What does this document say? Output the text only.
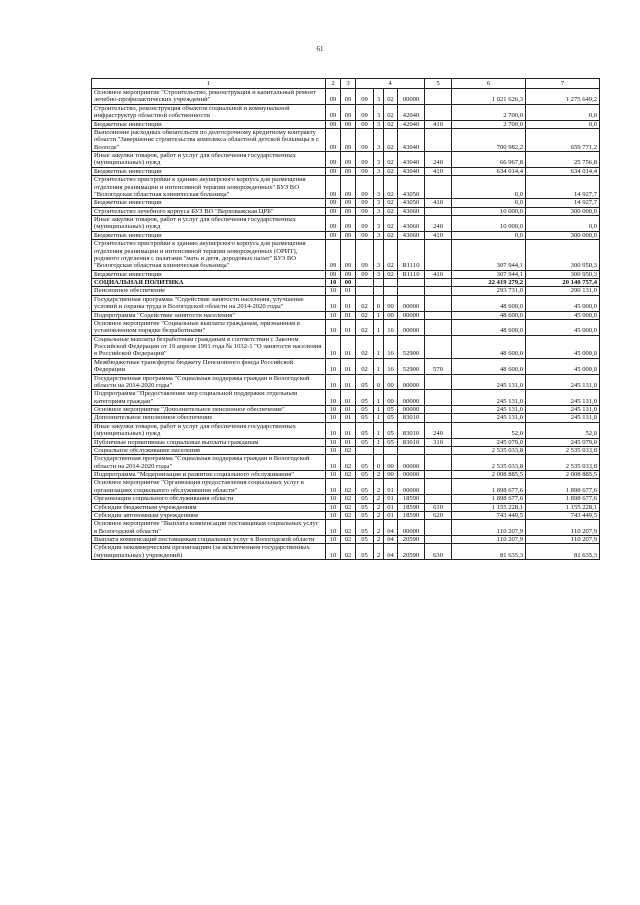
61
1	2	3	4				5	6	7
Основное мероприятие "Строительство, реконструкция и капитальный ремонт лечебно-профилактических учреждений"	09	09	09	3	02	00000		1 021 626,3	1 275 649,2
Строительство, реконструкция объектов социальной и коммунальной инфраструктур областной собственности	09	09	09	3	02	42040		2 700,0	0,0
Бюджетные инвестиции	09	09	09	3	02	42040	410	2 700,0	0,0
Выполнение расходных обязательств по долгосрочному кредитному контракту области "Завершение строительства комплекса областной детской больницы в г. Вологде"	09	09	09	3	02	43040		700 982,2	659 771,2
Иные закупки товаров, работ и услуг для обеспечения государственных (муниципальных) нужд	09	09	09	3	02	43040	240	66 967,8	25 756,8
Бюджетные инвестиции	09	09	09	3	02	43040	410	634 014,4	634 014,4
Строительство пристройки к зданию акушерского корпуса для размещения отделения реанимации и интенсивной терапии новорожденных" БУЗ ВО "Вологодская областная клиническая больница"	09	09	09	3	02	43050		0,0	14 927,7
Бюджетные инвестиции	09	09	09	3	02	43050	410	0,0	14 927,7
Строительство лечебного корпуса БУЗ ВО "Верховажская ЦРБ"	09	09	09	3	02	43060		10 000,0	300 000,0
Иные закупки товаров, работ и услуг для обеспечения государственных (муниципальных) нужд	09	09	09	3	02	43060	240	10 000,0	0,0
Бюджетные инвестиции	09	09	09	3	02	43060	410	0,0	300 000,0
Строительство пристройки к зданию акушерского корпуса для размещения отделения реанимации и интенсивной терапии новорожденных (ОРИТ), родового отделения с палатами "мать и дитя, дородовых палат" БУЗ ВО "Вологодская областная клиническая больница"	09	09	09	3	02	R1110		307 944,1	300 950,3
Бюджетные инвестиции	09	09	09	3	02	R1110	410	307 944,1	300 950,3
СОЦИАЛЬНАЯ ПОЛИТИКА	10	00						22 419 279,2	20 140 757,4
Пенсионное обеспечение	10	01						293 731,0	290 131,0
Государственная программа "Содействие занятости населения, улучшение условий и охраны труда в Вологодской области на 2014-2020 годы"	10	01	02	0	00	00000		48 600,0	45 000,0
Подпрограмма "Содействие занятости населения"	10	01	02	1	00	00000		48 600,0	45 000,0
Основное мероприятие "Социальные выплаты гражданам, признанным в установленном порядке безработными"	10	01	02	1	16	00000		48 600,0	45 000,0
Социальные выплаты безработным гражданам в соответствии с Законом Российской Федерации от 19 апреля 1991 года № 1032-1 "О занятости населения в Российской Федерации"	10	01	02	1	16	52900		48 600,0	45 000,0
Межбюджетные трансферты бюджету Пенсионного фонда Российской Федерации	10	01	02	1	16	52900	570	48 600,0	45 000,0
Государственная программа "Социальная поддержка граждан в Вологодской области на 2014-2020 годы"	10	01	05	0	00	00000		245 131,0	245 131,0
Подпрограмма "Предоставление мер социальной поддержки отдельным категориям граждан"	10	01	05	1	00	00000		245 131,0	245 131,0
Основное мероприятие "Дополнительное пенсионное обеспечение"	10	01	05	1	05	00000		245 131,0	245 131,0
Дополнительное пенсионное обеспечение	10	01	05	1	05	83010		245 131,0	245 131,0
Иные закупки товаров, работ и услуг для обеспечения государственных (муниципальных) нужд	10	01	05	1	05	83010	240	52,0	52,0
Публичные нормативные социальные выплаты гражданам	10	01	05	1	05	83010	310	245 079,0	245 079,0
Социальное обслуживание населения	10	02						2 535 033,8	2 535 033,8
Государственная программа "Социальная поддержка граждан в Вологодской области на 2014-2020 годы"	10	02	05	0	00	00000		2 535 033,8	2 535 033,8
Подпрограмма "Модернизация и развитие социального обслуживания"	10	02	05	2	00	00000		2 008 885,5	2 008 885,5
Основное мероприятие "Организация предоставления социальных услуг в организациях социального обслуживания области"	10	02	05	2	01	00000		1 898 677,6	1 898 677,6
Организации социального обслуживания области	10	02	05	2	01	18590		1 898 677,6	1 898 677,6
Субсидии бюджетным учреждениям	10	02	05	2	01	18590	610	1 155 228,1	1 155 228,1
Субсидии автономным учреждениям	10	02	05	2	01	18590	620	743 449,5	743 449,5
Основное мероприятие "Выплата компенсации поставщикам социальных услуг в Вологодской области"	10	02	05	2	04	00000		110 207,9	110 207,9
Выплата компенсаций поставщикам социальных услуг в Вологодской области	10	02	05	2	04	20590		110 207,9	110 207,9
Субсидии некоммерческим организациям (за исключением государственных (муниципальных) учреждений)	10	02	05	2	04	20590	630	81 635,3	81 635,3
